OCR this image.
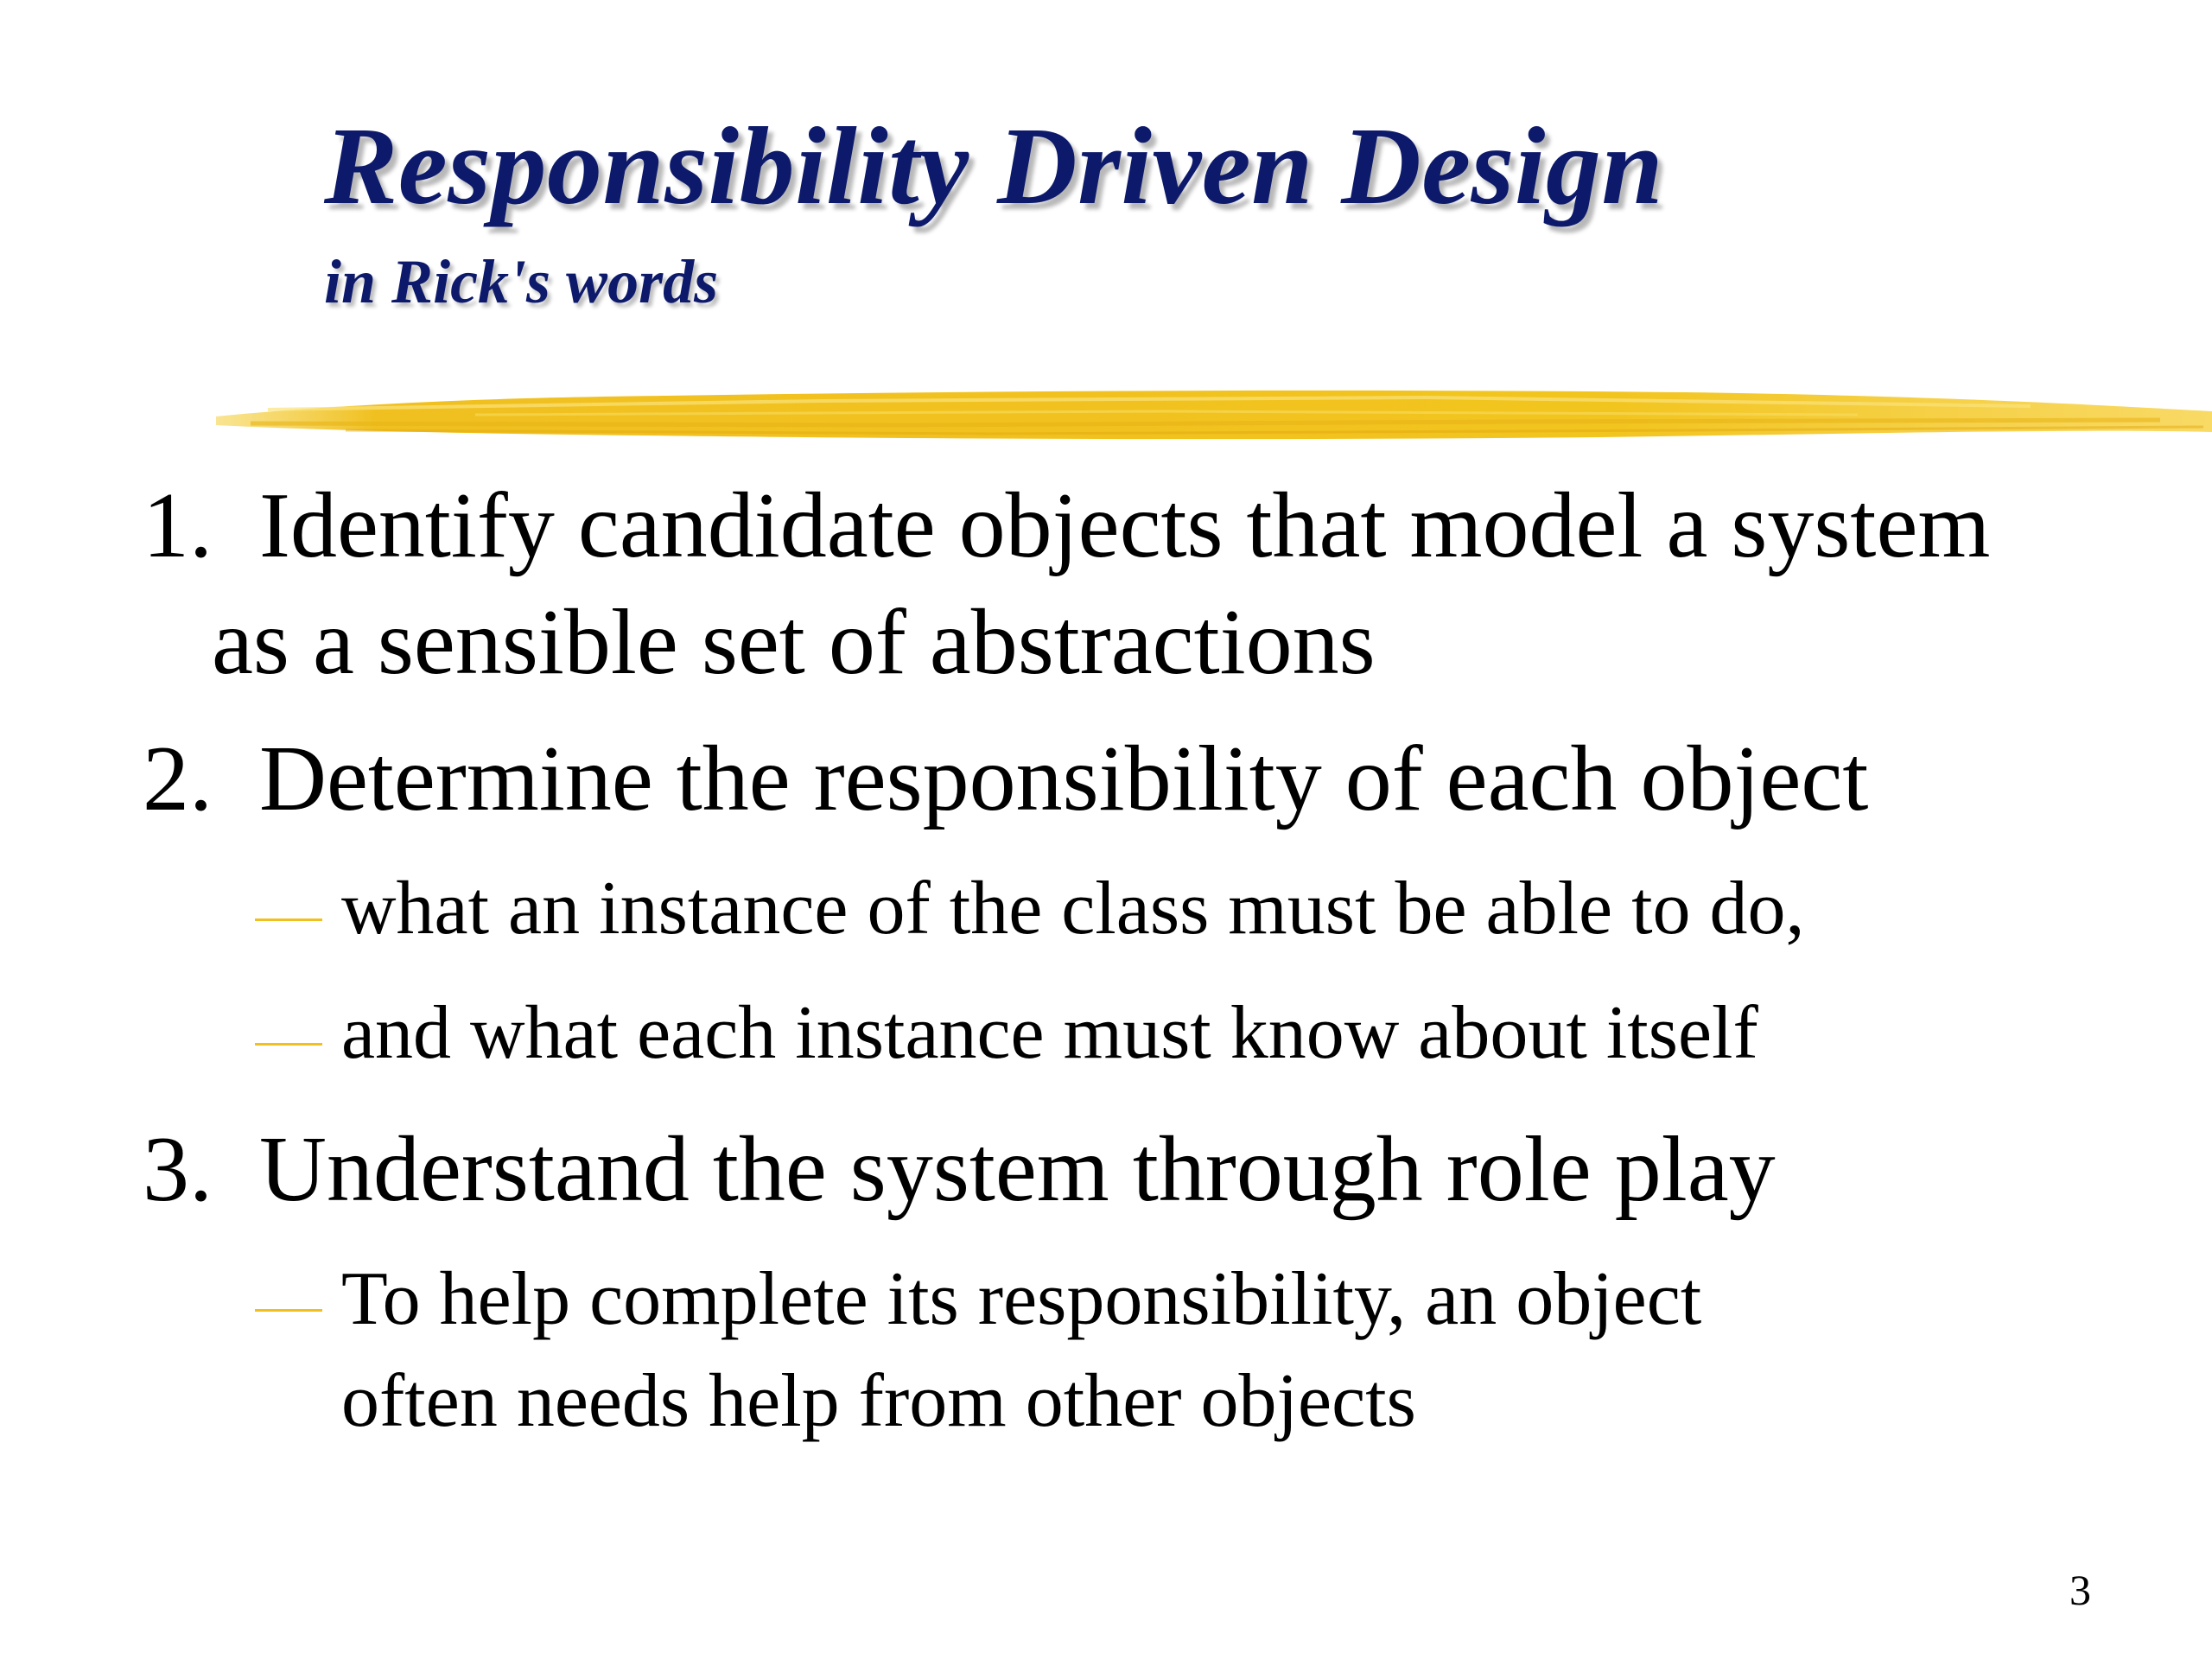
Responsibility Driven Design
in Rick's words
1.  Identify candidate objects that model a system
as a sensible set of abstractions
2.  Determine the responsibility of each object
what an instance of the class must be able to do,
and what each instance must know about itself
3.  Understand the system through role play
To help complete its responsibility, an object
often needs help from other objects
3
